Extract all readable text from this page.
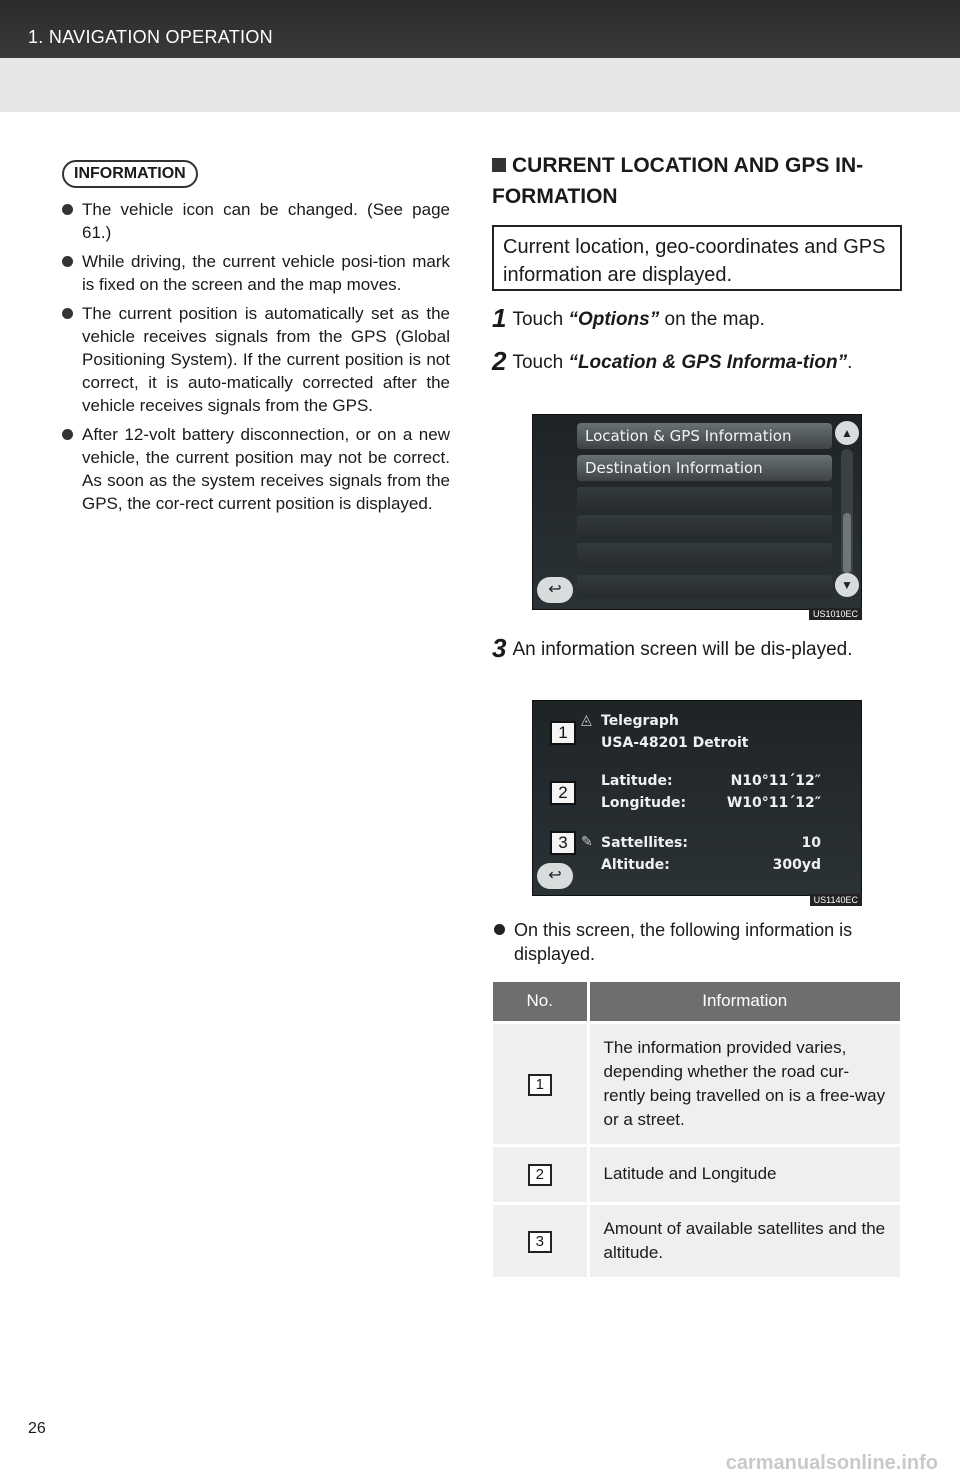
1. NAVIGATION OPERATION
INFORMATION
The vehicle icon can be changed. (See page 61.)
While driving, the current vehicle posi-tion mark is fixed on the screen and the map moves.
The current position is automatically set as the vehicle receives signals from the GPS (Global Positioning System). If the current position is not correct, it is auto-matically corrected after the vehicle receives signals from the GPS.
After 12-volt battery disconnection, or on a new vehicle, the current position may not be correct. As soon as the system receives signals from the GPS, the cor-rect current position is displayed.
CURRENT LOCATION AND GPS IN-FORMATION
Current location, geo-coordinates and GPS information are displayed.
1 Touch “Options” on the map.
2 Touch “Location & GPS Informa-tion”.
Location & GPS Information
Destination Information
▲
▼
↩
US1010EC
3 An information screen will be dis-played.
1
2
3
◬ Telegraph
USA-48201 Detroit
Latitude:	N10°11´12″
Longitude:	W10°11´12″
✎ Sattellites:	10
Altitude:	300yd
↩
US1140EC
On this screen, the following information is displayed.
No.	Information
1	The information provided varies, depending whether the road cur-rently being travelled on is a free-way or a street.
2	Latitude and Longitude
3	Amount of available satellites and the altitude.
26
carmanualsonline.info
